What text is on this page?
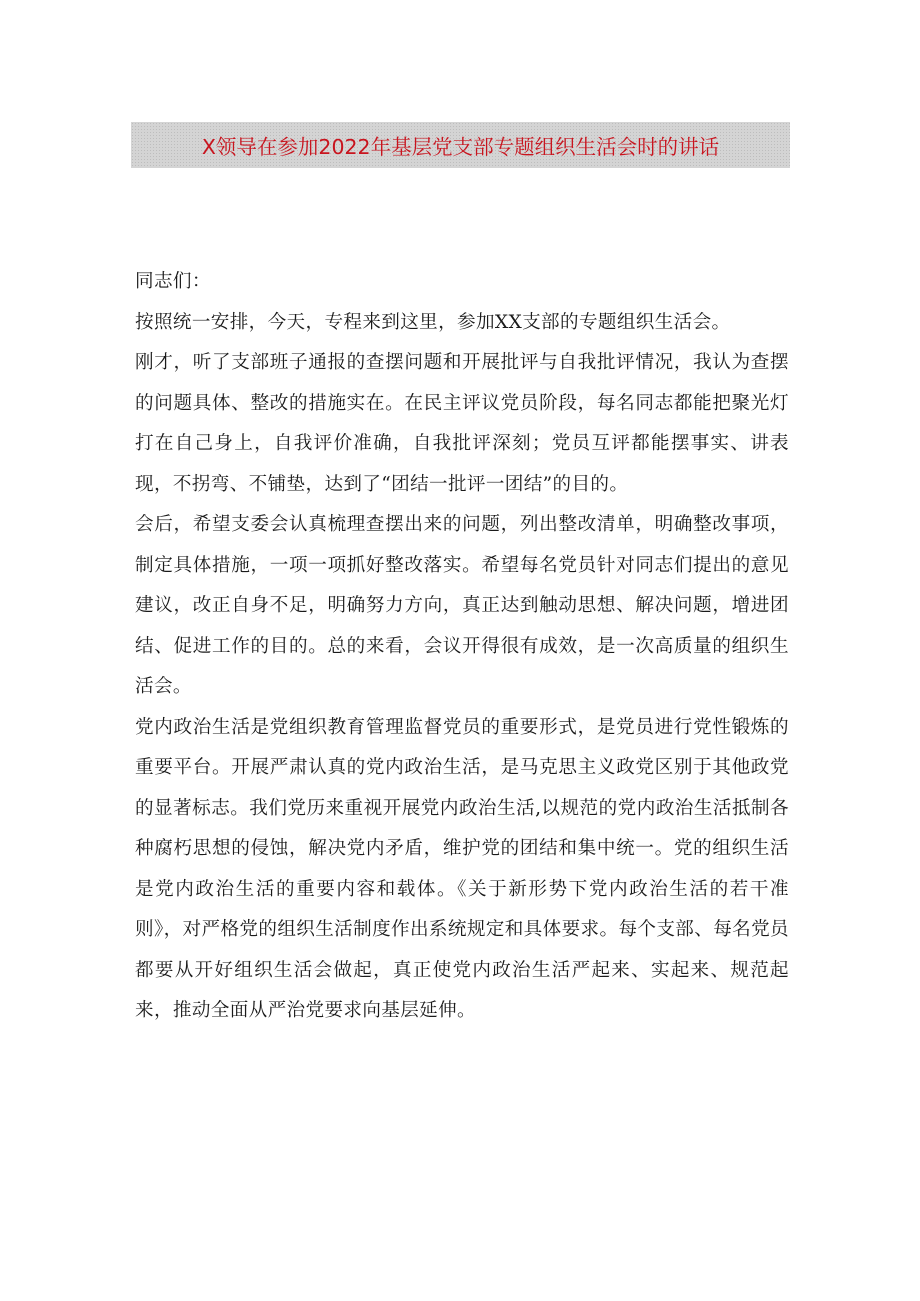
X领导在参加2022年基层党支部专题组织生活会时的讲话

同志们：

按照统一安排，今天，专程来到这里，参加XX支部的专题组织生活会。

刚才，听了支部班子通报的查摆问题和开展批评与自我批评情况，我认为查摆的问题具体、整改的措施实在。在民主评议党员阶段，每名同志都能把聚光灯打在自己身上，自我评价准确，自我批评深刻；党员互评都能摆事实、讲表现，不拐弯、不铺垫，达到了“团结一批评一团结”的目的。

会后，希望支委会认真梳理查摆出来的问题，列出整改清单，明确整改事项，制定具体措施，一项一项抓好整改落实。希望每名党员针对同志们提出的意见建议，改正自身不足，明确努力方向，真正达到触动思想、解决问题，增进团结、促进工作的目的。总的来看，会议开得很有成效，是一次高质量的组织生活会。

党内政治生活是党组织教育管理监督党员的重要形式，是党员进行党性锻炼的重要平台。开展严肃认真的党内政治生活，是马克思主义政党区别于其他政党的显著标志。我们党历来重视开展党内政治生活,以规范的党内政治生活抵制各种腐朽思想的侵蚀，解决党内矛盾，维护党的团结和集中统一。党的组织生活是党内政治生活的重要内容和载体。《关于新形势下党内政治生活的若干准则》，对严格党的组织生活制度作出系统规定和具体要求。每个支部、每名党员都要从开好组织生活会做起，真正使党内政治生活严起来、实起来、规范起来，推动全面从严治党要求向基层延伸。
